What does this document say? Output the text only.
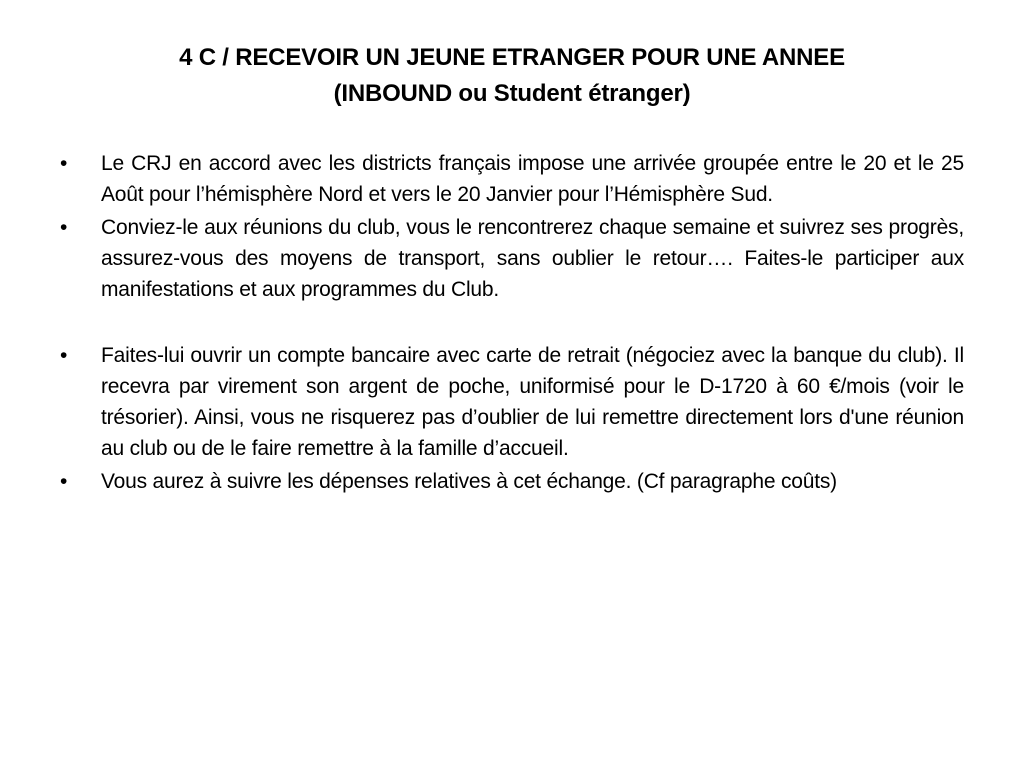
4 C / RECEVOIR UN JEUNE ETRANGER POUR UNE ANNEE
(INBOUND ou Student étranger)
•	Le CRJ en accord avec les districts français impose une arrivée groupée entre le 20 et le 25 Août pour l’hémisphère Nord et vers le 20 Janvier pour l’Hémisphère Sud.
•	Conviez-le aux réunions du club, vous le rencontrerez chaque semaine et suivrez ses progrès, assurez-vous des moyens de transport, sans oublier le retour…. Faites-le participer aux manifestations et aux programmes du Club.
•	Faites-lui ouvrir un compte bancaire avec carte de retrait (négociez avec la banque du club). Il recevra par virement son argent de poche, uniformisé pour le D-1720 à 60 €/mois (voir le trésorier). Ainsi, vous ne risquerez pas d’oublier de lui remettre directement lors d'une réunion au club ou de le faire remettre à la famille d’accueil.
•	Vous aurez à suivre les dépenses relatives à cet échange. (Cf paragraphe coûts)
